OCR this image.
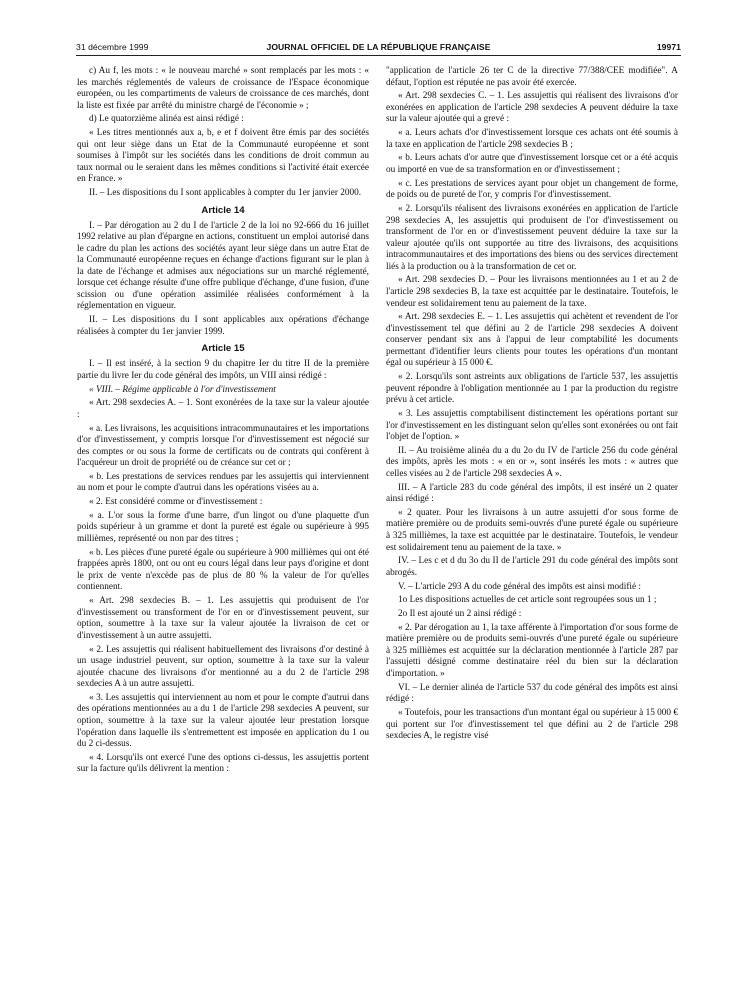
31 décembre 1999	JOURNAL OFFICIEL DE LA RÉPUBLIQUE FRANÇAISE	19971

c) Au f, les mots : « le nouveau marché » sont remplacés par les mots : « les marchés réglementés de valeurs de croissance de l'Espace économique européen, ou les compartiments de valeurs de croissance de ces marchés, dont la liste est fixée par arrêté du ministre chargé de l'économie » ;

d) Le quatorzième alinéa est ainsi rédigé :

« Les titres mentionnés aux a, b, e et f doivent être émis par des sociétés qui ont leur siège dans un Etat de la Communauté européenne et sont soumises à l'impôt sur les sociétés dans les conditions de droit commun au taux normal ou le seraient dans les mêmes conditions si l'activité était exercée en France. »

II. – Les dispositions du I sont applicables à compter du 1er janvier 2000.

Article 14

I. – Par dérogation au 2 du I de l'article 2 de la loi no 92-666 du 16 juillet 1992 relative au plan d'épargne en actions, constituent un emploi autorisé dans le cadre du plan les actions des sociétés ayant leur siège dans un autre Etat de la Communauté européenne reçues en échange d'actions figurant sur le plan à la date de l'échange et admises aux négociations sur un marché réglementé, lorsque cet échange résulte d'une offre publique d'échange, d'une fusion, d'une scission ou d'une opération assimilée réalisées conformément à la réglementation en vigueur.

II. – Les dispositions du I sont applicables aux opérations d'échange réalisées à compter du 1er janvier 1999.

Article 15

I. – Il est inséré, à la section 9 du chapitre Ier du titre II de la première partie du livre Ier du code général des impôts, un VIII ainsi rédigé :

« VIII. – Régime applicable à l'or d'investissement

« Art. 298 sexdecies A. – 1. Sont exonérées de la taxe sur la valeur ajoutée :

« a. Les livraisons, les acquisitions intracommunautaires et les importations d'or d'investissement, y compris lorsque l'or d'investissement est négocié sur des comptes or ou sous la forme de certificats ou de contrats qui confèrent à l'acquéreur un droit de propriété ou de créance sur cet or ;

« b. Les prestations de services rendues par les assujettis qui interviennent au nom et pour le compte d'autrui dans les opérations visées au a.

« 2. Est considéré comme or d'investissement :

« a. L'or sous la forme d'une barre, d'un lingot ou d'une plaquette d'un poids supérieur à un gramme et dont la pureté est égale ou supérieure à 995 millièmes, représenté ou non par des titres ;

« b. Les pièces d'une pureté égale ou supérieure à 900 millièmes qui ont été frappées après 1800, ont ou ont eu cours légal dans leur pays d'origine et dont le prix de vente n'excède pas de plus de 80 % la valeur de l'or qu'elles contiennent.

« Art. 298 sexdecies B. – 1. Les assujettis qui produisent de l'or d'investissement ou transforment de l'or en or d'investissement peuvent, sur option, soumettre à la taxe sur la valeur ajoutée la livraison de cet or d'investissement à un autre assujetti.

« 2. Les assujettis qui réalisent habituellement des livraisons d'or destiné à un usage industriel peuvent, sur option, soumettre à la taxe sur la valeur ajoutée chacune des livraisons d'or mentionné au a du 2 de l'article 298 sexdecies A à un autre assujetti.

« 3. Les assujettis qui interviennent au nom et pour le compte d'autrui dans des opérations mentionnées au a du 1 de l'article 298 sexdecies A peuvent, sur option, soumettre à la taxe sur la valeur ajoutée leur prestation lorsque l'opération dans laquelle ils s'entremettent est imposée en application du 1 ou du 2 ci-dessus.

« 4. Lorsqu'ils ont exercé l'une des options ci-dessus, les assujettis portent sur la facture qu'ils délivrent la mention :

"application de l'article 26 ter C de la directive 77/388/CEE modifiée". A défaut, l'option est réputée ne pas avoir été exercée.

« Art. 298 sexdecies C. – 1. Les assujettis qui réalisent des livraisons d'or exonérées en application de l'article 298 sexdecies A peuvent déduire la taxe sur la valeur ajoutée qui a grevé :

« a. Leurs achats d'or d'investissement lorsque ces achats ont été soumis à la taxe en application de l'article 298 sexdecies B ;

« b. Leurs achats d'or autre que d'investissement lorsque cet or a été acquis ou importé en vue de sa transformation en or d'investissement ;

« c. Les prestations de services ayant pour objet un changement de forme, de poids ou de pureté de l'or, y compris l'or d'investissement.

« 2. Lorsqu'ils réalisent des livraisons exonérées en application de l'article 298 sexdecies A, les assujettis qui produisent de l'or d'investissement ou transforment de l'or en or d'investissement peuvent déduire la taxe sur la valeur ajoutée qu'ils ont supportée au titre des livraisons, des acquisitions intracommunautaires et des importations des biens ou des services directement liés à la production ou à la transformation de cet or.

« Art. 298 sexdecies D. – Pour les livraisons mentionnées au 1 et au 2 de l'article 298 sexdecies B, la taxe est acquittée par le destinataire. Toutefois, le vendeur est solidairement tenu au paiement de la taxe.

« Art. 298 sexdecies E. – 1. Les assujettis qui achètent et revendent de l'or d'investissement tel que défini au 2 de l'article 298 sexdecies A doivent conserver pendant six ans à l'appui de leur comptabilité les documents permettant d'identifier leurs clients pour toutes les opérations d'un montant égal ou supérieur à 15 000 €.

« 2. Lorsqu'ils sont astreints aux obligations de l'article 537, les assujettis peuvent répondre à l'obligation mentionnée au 1 par la production du registre prévu à cet article.

« 3. Les assujettis comptabilisent distinctement les opérations portant sur l'or d'investissement en les distinguant selon qu'elles sont exonérées ou ont fait l'objet de l'option. »

II. – Au troisième alinéa du a du 2o du IV de l'article 256 du code général des impôts, après les mots : « en or », sont insérés les mots : « autres que celles visées au 2 de l'article 298 sexdecies A ».

III. – A l'article 283 du code général des impôts, il est inséré un 2 quater ainsi rédigé :

« 2 quater. Pour les livraisons à un autre assujetti d'or sous forme de matière première ou de produits semi-ouvrés d'une pureté égale ou supérieure à 325 millièmes, la taxe est acquittée par le destinataire. Toutefois, le vendeur est solidairement tenu au paiement de la taxe. »

IV. – Les c et d du 3o du II de l'article 291 du code général des impôts sont abrogés.

V. – L'article 293 A du code général des impôts est ainsi modifié :

1o Les dispositions actuelles de cet article sont regroupées sous un 1 ;

2o Il est ajouté un 2 ainsi rédigé :

« 2. Par dérogation au 1, la taxe afférente à l'importation d'or sous forme de matière première ou de produits semi-ouvrés d'une pureté égale ou supérieure à 325 millièmes est acquittée sur la déclaration mentionnée à l'article 287 par l'assujetti désigné comme destinataire réel du bien sur la déclaration d'importation. »

VI. – Le dernier alinéa de l'article 537 du code général des impôts est ainsi rédigé :

« Toutefois, pour les transactions d'un montant égal ou supérieur à 15 000 € qui portent sur l'or d'investissement tel que défini au 2 de l'article 298 sexdecies A, le registre visé
